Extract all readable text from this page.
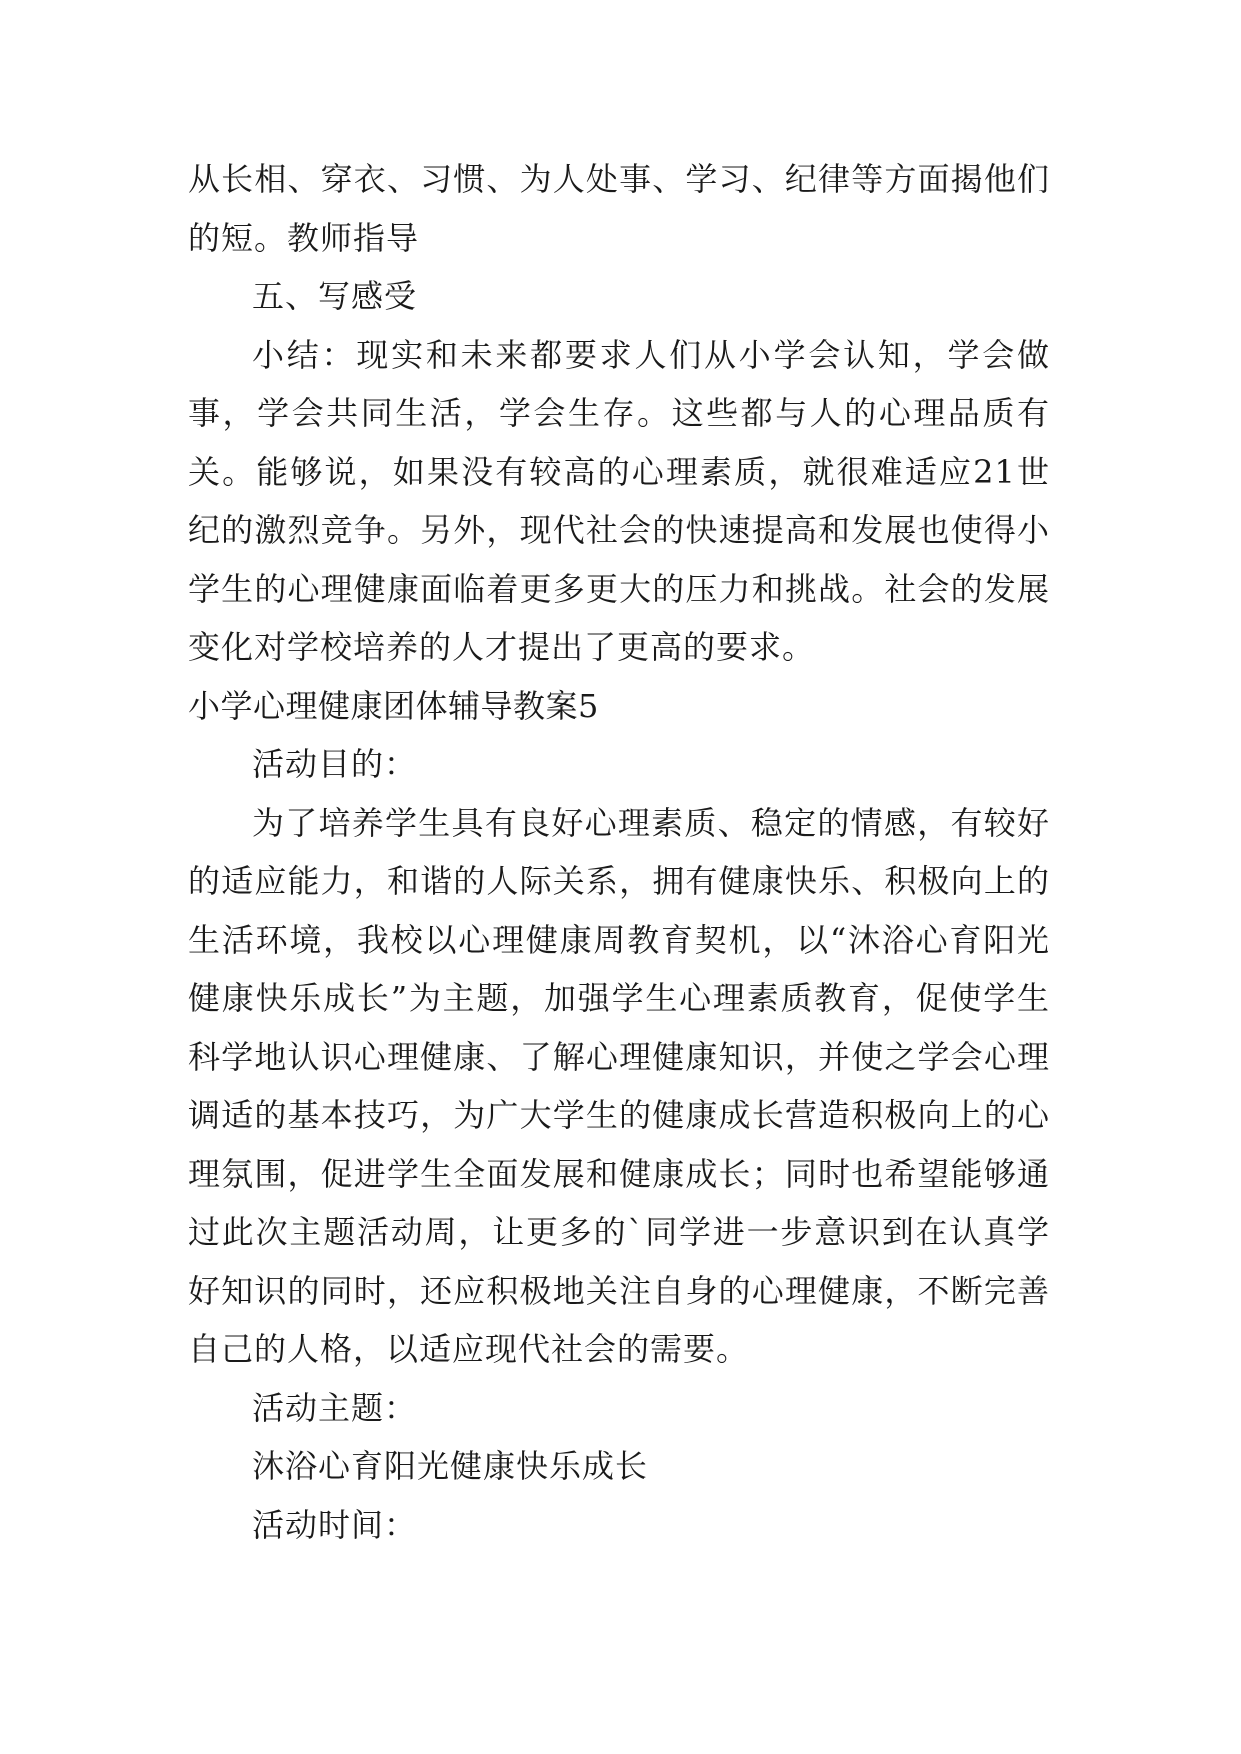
从长相、穿衣、习惯、为人处事、学习、纪律等方面揭他们的短。教师指导

五、写感受

小结：现实和未来都要求人们从小学会认知，学会做事，学会共同生活，学会生存。这些都与人的心理品质有关。能够说，如果没有较高的心理素质，就很难适应21世纪的激烈竞争。另外，现代社会的快速提高和发展也使得小学生的心理健康面临着更多更大的压力和挑战。社会的发展变化对学校培养的人才提出了更高的要求。

小学心理健康团体辅导教案5

活动目的：

为了培养学生具有良好心理素质、稳定的情感，有较好的适应能力，和谐的人际关系，拥有健康快乐、积极向上的生活环境，我校以心理健康周教育契机，以“沐浴心育阳光健康快乐成长”为主题，加强学生心理素质教育，促使学生科学地认识心理健康、了解心理健康知识，并使之学会心理调适的基本技巧，为广大学生的健康成长营造积极向上的心理氛围，促进学生全面发展和健康成长；同时也希望能够通过此次主题活动周，让更多的`同学进一步意识到在认真学好知识的同时，还应积极地关注自身的心理健康，不断完善自己的人格，以适应现代社会的需要。

活动主题：

沐浴心育阳光健康快乐成长

活动时间：
